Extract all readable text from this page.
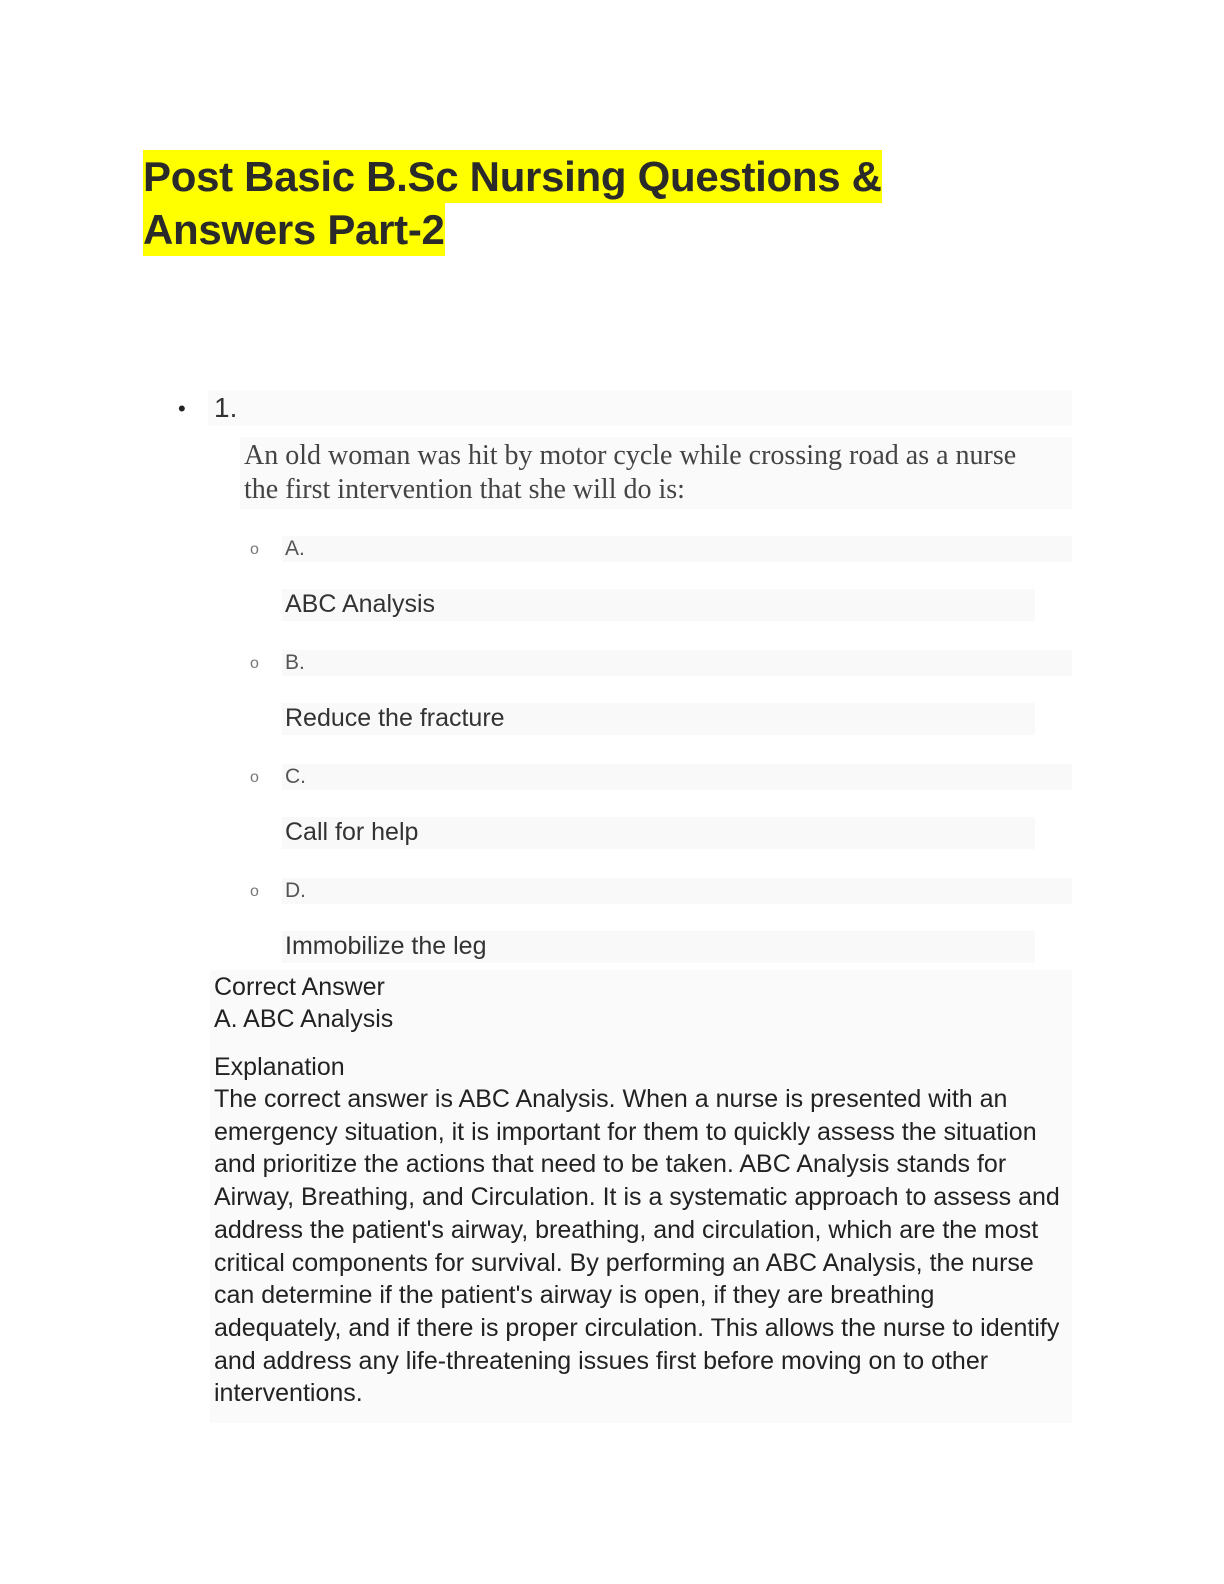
Post Basic B.Sc Nursing Questions &
Answers Part-2
• 1.
An old woman was hit by motor cycle while crossing road as a nurse the first intervention that she will do is:
o A.
ABC Analysis
o B.
Reduce the fracture
o C.
Call for help
o D.
Immobilize the leg
Correct Answer
A. ABC Analysis
Explanation
The correct answer is ABC Analysis. When a nurse is presented with an emergency situation, it is important for them to quickly assess the situation and prioritize the actions that need to be taken. ABC Analysis stands for Airway, Breathing, and Circulation. It is a systematic approach to assess and address the patient's airway, breathing, and circulation, which are the most critical components for survival. By performing an ABC Analysis, the nurse can determine if the patient's airway is open, if they are breathing adequately, and if there is proper circulation. This allows the nurse to identify and address any life-threatening issues first before moving on to other interventions.
